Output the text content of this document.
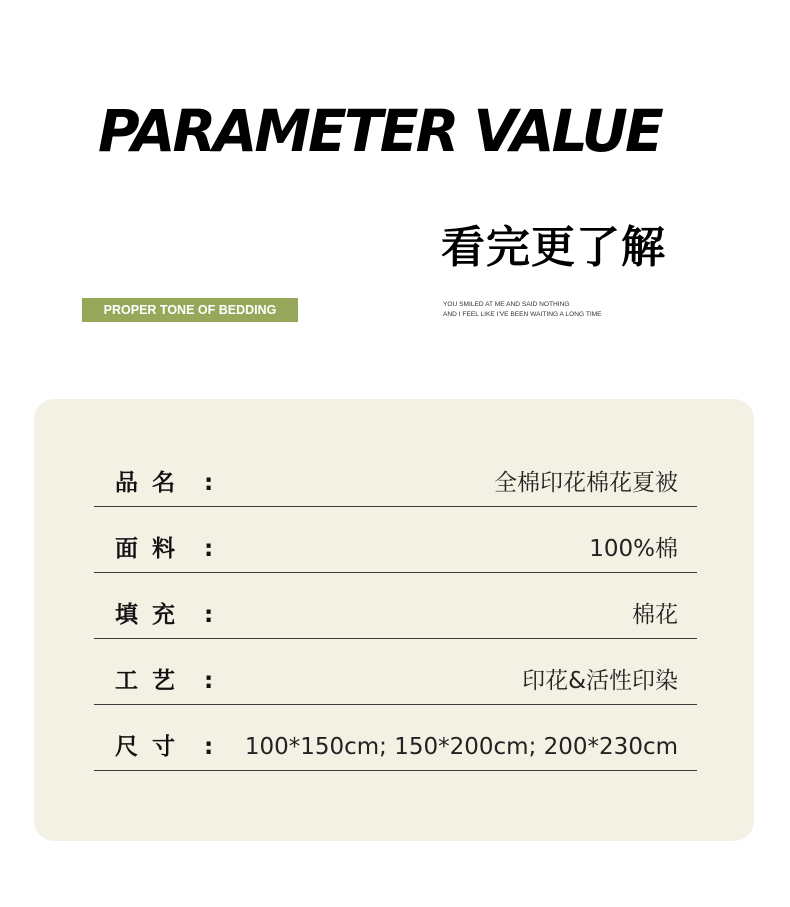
PARAMETER VALUE
看完更了解
PROPER TONE OF BEDDING	YOU SMILED AT ME AND SAID NOTHING
AND I FEEL LIKE I'VE BEEN WAITING A LONG TIME
品名 :	全棉印花棉花夏被
面料 :	100%棉
填充 :	棉花
工艺 :	印花&活性印染
尺寸 : 100*150cm; 150*200cm; 200*230cm
